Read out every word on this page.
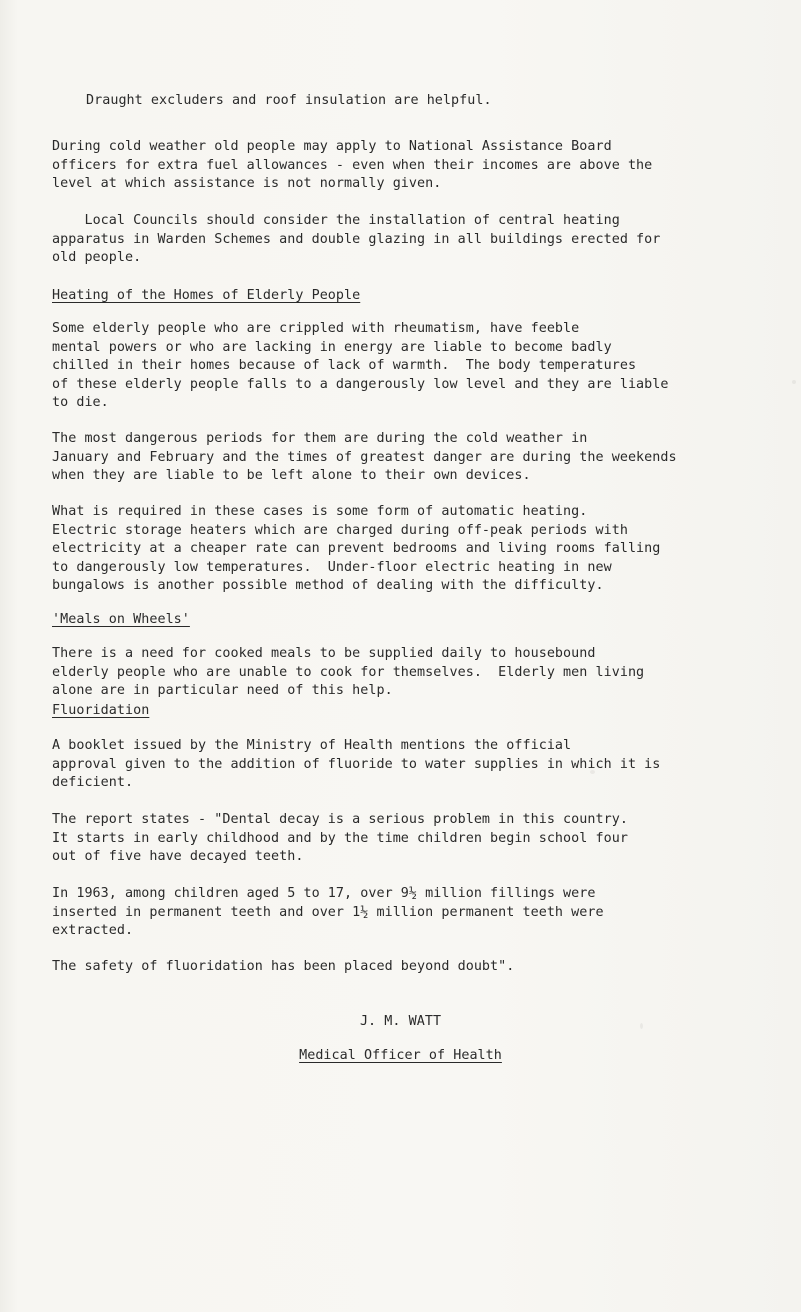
Draught excluders and roof insulation are helpful.

During cold weather old people may apply to National Assistance Board
officers for extra fuel allowances - even when their incomes are above the
level at which assistance is not normally given.

Local Councils should consider the installation of central heating
apparatus in Warden Schemes and double glazing in all buildings erected for
old people.

Heating of the Homes of Elderly People

Some elderly people who are crippled with rheumatism, have feeble
mental powers or who are lacking in energy are liable to become badly
chilled in their homes because of lack of warmth.  The body temperatures
of these elderly people falls to a dangerously low level and they are liable
to die.

The most dangerous periods for them are during the cold weather in
January and February and the times of greatest danger are during the weekends
when they are liable to be left alone to their own devices.

What is required in these cases is some form of automatic heating.
Electric storage heaters which are charged during off-peak periods with
electricity at a cheaper rate can prevent bedrooms and living rooms falling
to dangerously low temperatures.  Under-floor electric heating in new
bungalows is another possible method of dealing with the difficulty.

'Meals on Wheels'

There is a need for cooked meals to be supplied daily to housebound
elderly people who are unable to cook for themselves.  Elderly men living
alone are in particular need of this help.

Fluoridation

A booklet issued by the Ministry of Health mentions the official
approval given to the addition of fluoride to water supplies in which it is
deficient.

The report states - "Dental decay is a serious problem in this country.
It starts in early childhood and by the time children begin school four
out of five have decayed teeth.

In 1963, among children aged 5 to 17, over 9½ million fillings were
inserted in permanent teeth and over 1½ million permanent teeth were
extracted.

The safety of fluoridation has been placed beyond doubt".

J. M. WATT

Medical Officer of Health
